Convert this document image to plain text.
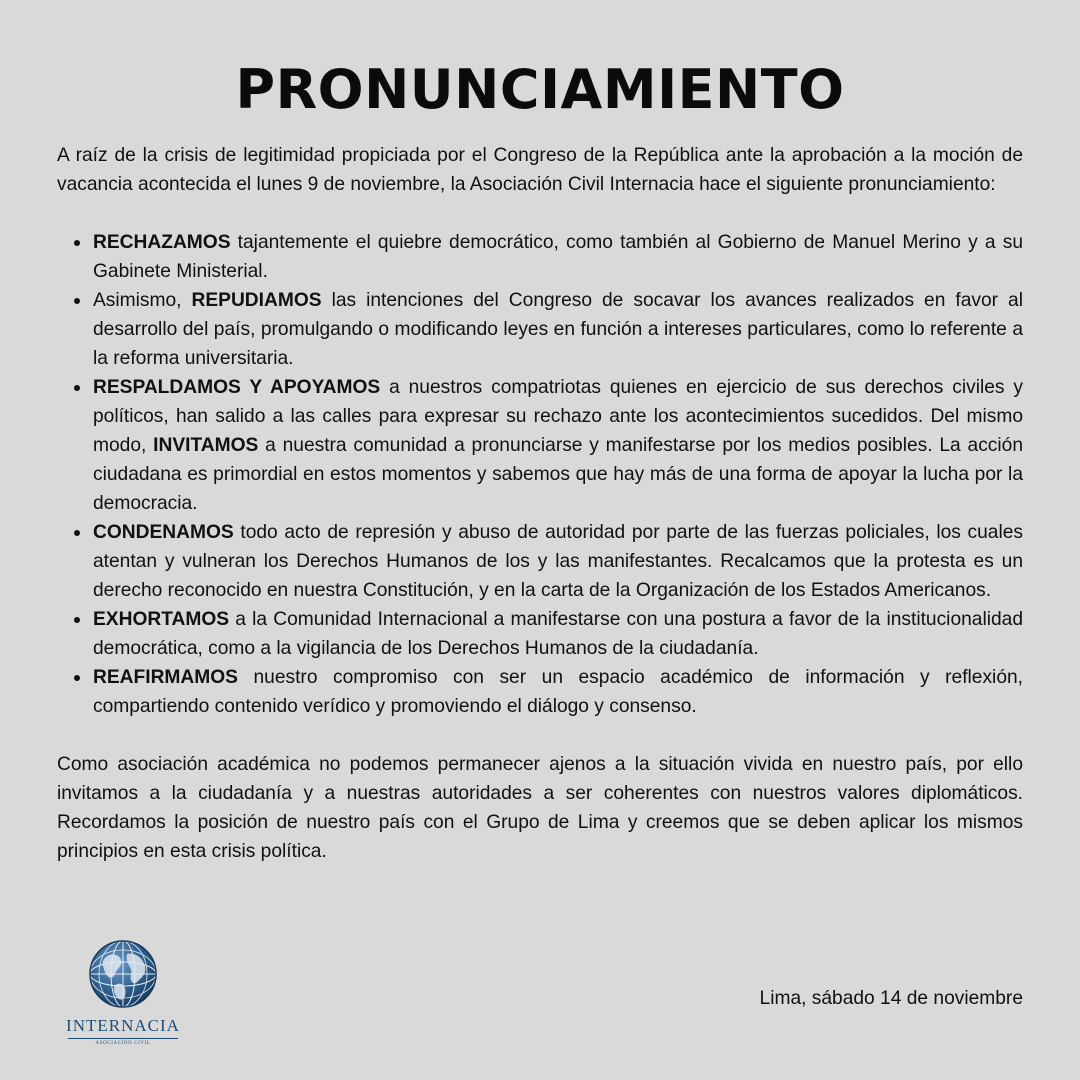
PRONUNCIAMIENTO

A raíz de la crisis de legitimidad propiciada por el Congreso de la República ante la aprobación a la moción de vacancia acontecida el lunes 9 de noviembre, la Asociación Civil Internacia hace el siguiente pronunciamiento:

RECHAZAMOS tajantemente el quiebre democrático, como también al Gobierno de Manuel Merino y a su Gabinete Ministerial.
Asimismo, REPUDIAMOS las intenciones del Congreso de socavar los avances realizados en favor al desarrollo del país, promulgando o modificando leyes en función a intereses particulares, como lo referente a la reforma universitaria.
RESPALDAMOS Y APOYAMOS a nuestros compatriotas quienes en ejercicio de sus derechos civiles y políticos, han salido a las calles para expresar su rechazo ante los acontecimientos sucedidos. Del mismo modo, INVITAMOS a nuestra comunidad a pronunciarse y manifestarse por los medios posibles. La acción ciudadana es primordial en estos momentos y sabemos que hay más de una forma de apoyar la lucha por la democracia.
CONDENAMOS todo acto de represión y abuso de autoridad por parte de las fuerzas policiales, los cuales atentan y vulneran los Derechos Humanos de los y las manifestantes. Recalcamos que la protesta es un derecho reconocido en nuestra Constitución, y en la carta de la Organización de los Estados Americanos.
EXHORTAMOS a la Comunidad Internacional a manifestarse con una postura a favor de la institucionalidad democrática, como a la vigilancia de los Derechos Humanos de la ciudadanía.
REAFIRMAMOS nuestro compromiso con ser un espacio académico de información y reflexión, compartiendo contenido verídico y promoviendo el diálogo y consenso.

Como asociación académica no podemos permanecer ajenos a la situación vivida en nuestro país, por ello invitamos a la ciudadanía y a nuestras autoridades a ser coherentes con nuestros valores diplomáticos. Recordamos la posición de nuestro país con el Grupo de Lima y creemos que se deben aplicar los mismos principios en esta crisis política.

INTERNACIA
ASOCIACIÓN CIVIL
Lima, sábado 14 de noviembre
